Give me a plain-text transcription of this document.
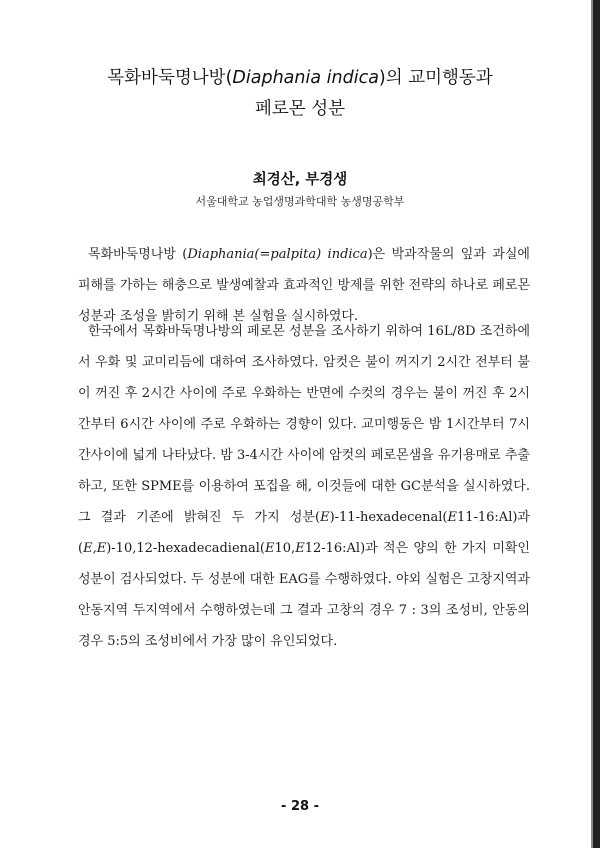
목화바둑명나방(Diaphania indica)의 교미행동과
페로몬 성분
최경산, 부경생
서울대학교 농업생명과학대학 농생명공학부

목화바둑명나방 (Diaphania(=palpita) indica)은 박과작물의 잎과 과실에 피해를 가하는 해충으로 발생예찰과 효과적인 방제를 위한 전략의 하나로 페로몬 성분과 조성을 밝히기 위해 본 실험을 실시하였다.

한국에서 목화바둑명나방의 페로몬 성분을 조사하기 위하여 16L/8D 조건하에서 우화 및 교미리듬에 대하여 조사하였다. 암컷은 불이 꺼지기 2시간 전부터 불이 꺼진 후 2시간 사이에 주로 우화하는 반면에 수컷의 경우는 불이 꺼진 후 2시간부터 6시간 사이에 주로 우화하는 경향이 있다. 교미행동은 밤 1시간부터 7시간사이에 넓게 나타났다. 밤 3-4시간 사이에 암컷의 페로몬샘을 유기용매로 추출하고, 또한 SPME를 이용하여 포집을 해, 이것들에 대한 GC분석을 실시하였다. 그 결과 기존에 밝혀진 두 가지 성분(E)-11-hexadecenal(E11-16:Al)과 (E,E)-10,12-hexadecadienal(E10,E12-16:Al)과 적은 양의 한 가지 미확인 성분이 검사되었다. 두 성분에 대한 EAG를 수행하였다. 야외 실험은 고창지역과 안동지역 두지역에서 수행하였는데 그 결과 고창의 경우 7 : 3의 조성비, 안동의 경우 5:5의 조성비에서 가장 많이 유인되었다.

- 28 -
